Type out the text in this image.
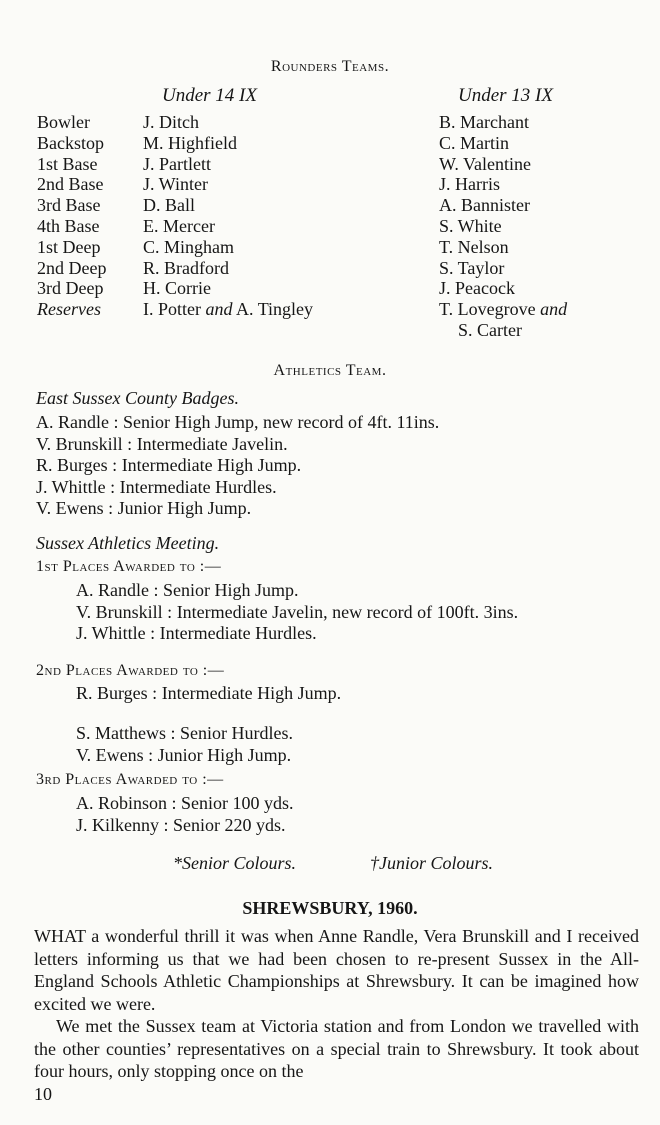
Rounders Teams.
Under 14 IX	Under 13 IX
Bowler	J. Ditch	B. Marchant
Backstop M. Highfield	C. Martin
1st Base	J. Partlett	W. Valentine
2nd Base J. Winter	J. Harris
3rd Base D. Ball	A. Bannister
4th Base E. Mercer	S. White
1st Deep C. Mingham	T. Nelson
2nd Deep R. Bradford	S. Taylor
3rd Deep H. Corrie	J. Peacock
Reserves I. Potter and A. Tingley	T. Lovegrove and
S. Carter
Athletics Team.
East Sussex County Badges.
A. Randle : Senior High Jump, new record of 4ft. 11ins.
V. Brunskill : Intermediate Javelin.
R. Burges : Intermediate High Jump.
J. Whittle : Intermediate Hurdles.
V. Ewens : Junior High Jump.
Sussex Athletics Meeting.
1st Places Awarded to :—
A. Randle : Senior High Jump.
V. Brunskill : Intermediate Javelin, new record of 100ft. 3ins.
J. Whittle : Intermediate Hurdles.
2nd Places Awarded to :—
R. Burges : Intermediate High Jump.
S. Matthews : Senior Hurdles.
V. Ewens : Junior High Jump.
3rd Places Awarded to :—
A. Robinson : Senior 100 yds.
J. Kilkenny : Senior 220 yds.
*Senior Colours.	†Junior Colours.
SHREWSBURY, 1960.
WHAT a wonderful thrill it was when Anne Randle, Vera Brunskill and I received letters informing us that we had been chosen to re-present Sussex in the All-England Schools Athletic Championships at Shrewsbury. It can be imagined how excited we were.
We met the Sussex team at Victoria station and from London we travelled with the other counties’ representatives on a special train to Shrewsbury. It took about four hours, only stopping once on the
10
